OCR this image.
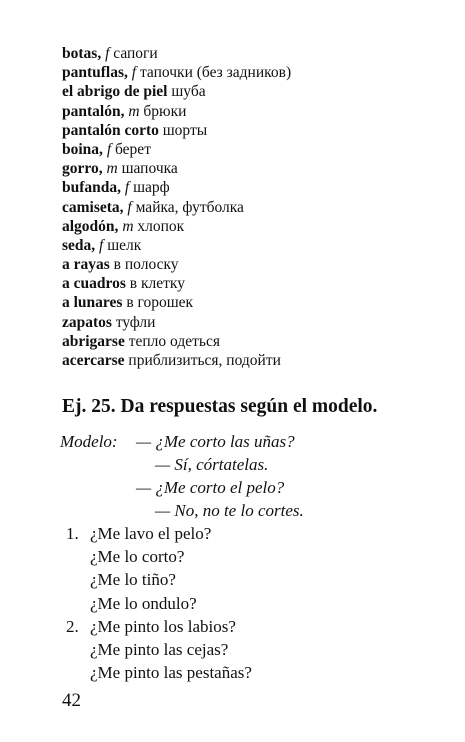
botas, f сапоги
pantuflas, f тапочки (без задников)
el abrigo de piel шуба
pantalón, m брюки
pantalón corto шорты
boina, f берет
gorro, m шапочка
bufanda, f шарф
camiseta, f майка, футболка
algodón, m хлопок
seda, f шелк
a rayas в полоску
a cuadros в клетку
a lunares в горошек
zapatos туфли
abrigarse тепло одеться
acercarse приблизиться, подойти
Ej. 25. Da respuestas según el modelo.
Modelo: — ¿Me corto las uñas?
— Sí, córtatelas.
— ¿Me corto el pelo?
— No, no te lo cortes.
1. ¿Me lavo el pelo?
¿Me lo corto?
¿Me lo tiño?
¿Me lo ondulo?
2. ¿Me pinto los labios?
¿Me pinto las cejas?
¿Me pinto las pestañas?
42
